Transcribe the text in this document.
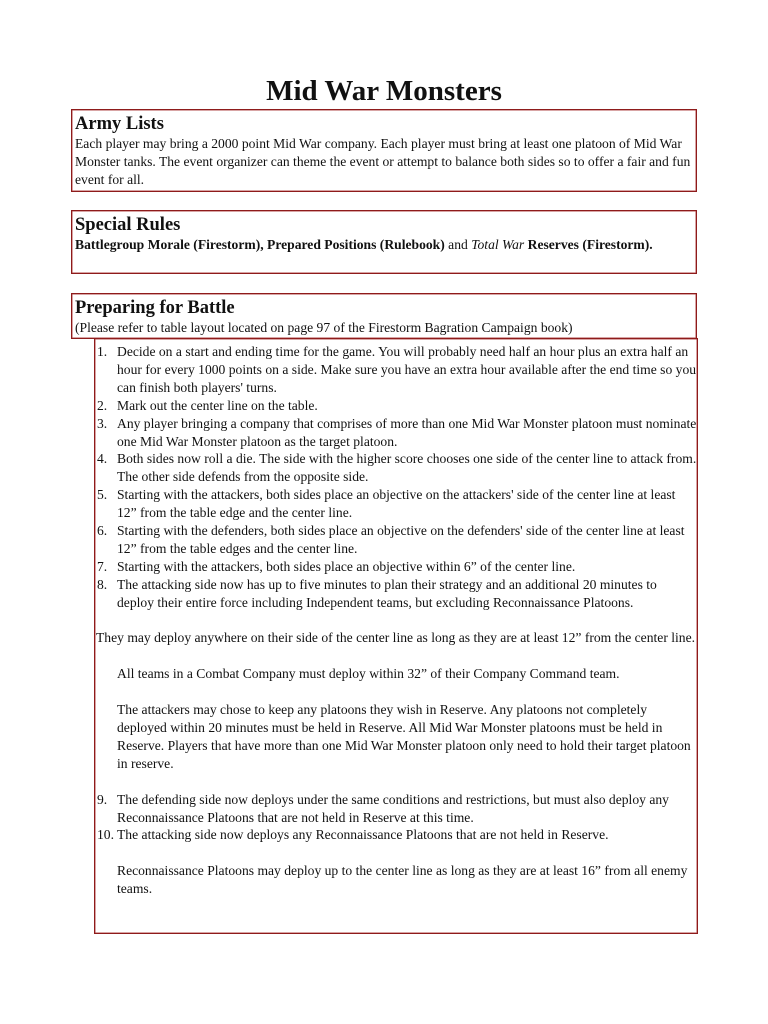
Mid War Monsters
Army Lists

Each player may bring a 2000 point Mid War company. Each player must bring at least one platoon of Mid War Monster tanks. The event organizer can theme the event or attempt to balance both sides so to offer a fair and fun event for all.

Special Rules

Battlegroup Morale (Firestorm), Prepared Positions (Rulebook) and Total War Reserves (Firestorm).

Preparing for Battle

(Please refer to table layout located on page 97 of the Firestorm Bagration Campaign book)

1. Decide on a start and ending time for the game. You will probably need half an hour plus an extra half an hour for every 1000 points on a side. Make sure you have an extra hour available after the end time so you can finish both players' turns.
2. Mark out the center line on the table.
3. Any player bringing a company that comprises of more than one Mid War Monster platoon must nominate one Mid War Monster platoon as the target platoon.
4. Both sides now roll a die. The side with the higher score chooses one side of the center line to attack from. The other side defends from the opposite side.
5. Starting with the attackers, both sides place an objective on the attackers' side of the center line at least 12” from the table edge and the center line.
6. Starting with the defenders, both sides place an objective on the defenders' side of the center line at least 12” from the table edges and the center line.
7. Starting with the attackers, both sides place an objective within 6” of the center line.
8. The attacking side now has up to five minutes to plan their strategy and an additional 20 minutes to deploy their entire force including Independent teams, but excluding Reconnaissance Platoons.
They may deploy anywhere on their side of the center line as long as they are at least 12” from the center line.
All teams in a Combat Company must deploy within 32” of their Company Command team.
The attackers may chose to keep any platoons they wish in Reserve. Any platoons not completely deployed within 20 minutes must be held in Reserve. All Mid War Monster platoons must be held in Reserve. Players that have more than one Mid War Monster platoon only need to hold their target platoon in reserve.
9. The defending side now deploys under the same conditions and restrictions, but must also deploy any Reconnaissance Platoons that are not held in Reserve at this time.
10. The attacking side now deploys any Reconnaissance Platoons that are not held in Reserve.
Reconnaissance Platoons may deploy up to the center line as long as they are at least 16” from all enemy teams.
